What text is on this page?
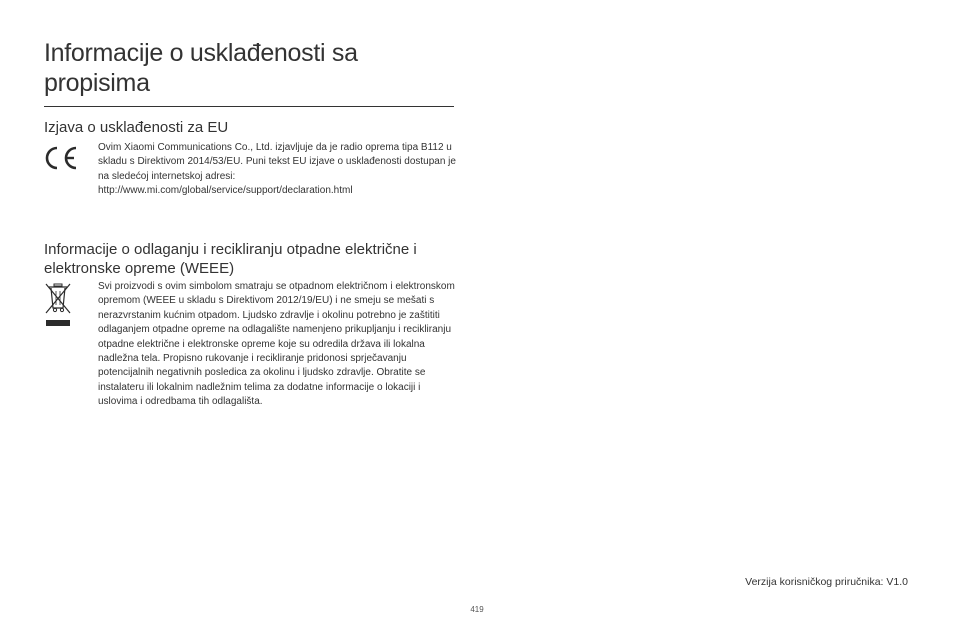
Informacije o usklađenosti sa propisima
Izjava o usklađenosti za EU

Ovim Xiaomi Communications Co., Ltd. izjavljuje da je radio oprema tipa B112 u skladu s Direktivom 2014/53/EU. Puni tekst EU izjave o usklađenosti dostupan je na sledećoj internetskoj adresi: http://www.mi.com/global/service/support/declaration.html

Informacije o odlaganju i recikliranju otpadne električne i elektronske opreme (WEEE)

Svi proizvodi s ovim simbolom smatraju se otpadnom električnom i elektronskom opremom (WEEE u skladu s Direktivom 2012/19/EU) i ne smeju se mešati s nerazvrstanim kućnim otpadom. Ljudsko zdravlje i okolinu potrebno je zaštititi odlaganjem otpadne opreme na odlagalište namenjeno prikupljanju i recikliranju otpadne električne i elektronske opreme koje su odredila država ili lokalna nadležna tela. Propisno rukovanje i recikliranje pridonosi sprječavanju potencijalnih negativnih posledica za okolinu i ljudsko zdravlje. Obratite se instalateru ili lokalnim nadležnim telima za dodatne informacije o lokaciji i uslovima i odredbama tih odlagališta.

Verzija korisničkog priručnika: V1.0
419
